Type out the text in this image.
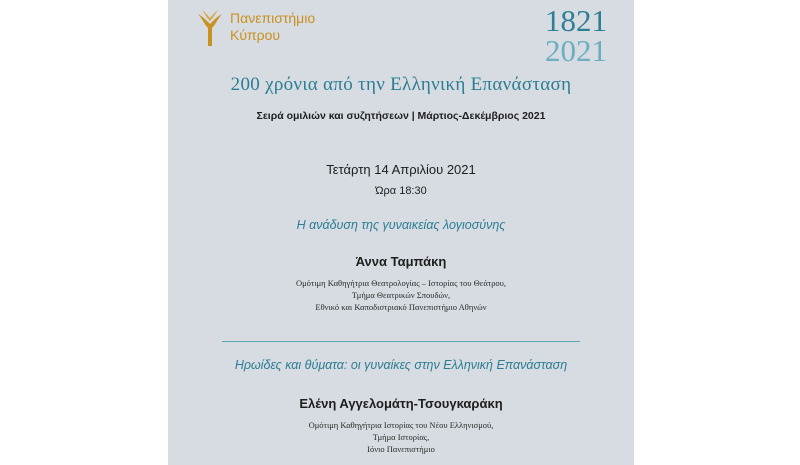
Πανεπιστήμιο
Κύπρου	1821
2021
200 χρόνια από την Ελληνική Επανάσταση
Σειρά ομιλιών και συζητήσεων | Μάρτιος-Δεκέμβριος 2021
Τετάρτη 14 Απριλίου 2021
Ώρα 18:30
Η ανάδυση της γυναικείας λογιοσύνης
Άννα Ταμπάκη
Ομότιμη Καθηγήτρια Θεατρολογίας – Ιστορίας του Θεάτρου,
Τμήμα Θεατρικών Σπουδών,
Εθνικό και Καποδιστριακό Πανεπιστήμιο Αθηνών
Ηρωίδες και θύματα: οι γυναίκες στην Ελληνική Επανάσταση
Ελένη Αγγελομάτη-Τσουγκαράκη
Ομότιμη Καθηγήτρια Ιστορίας του Νέου Ελληνισμού,
Τμήμα Ιστορίας,
Ιόνιο Πανεπιστήμιο
